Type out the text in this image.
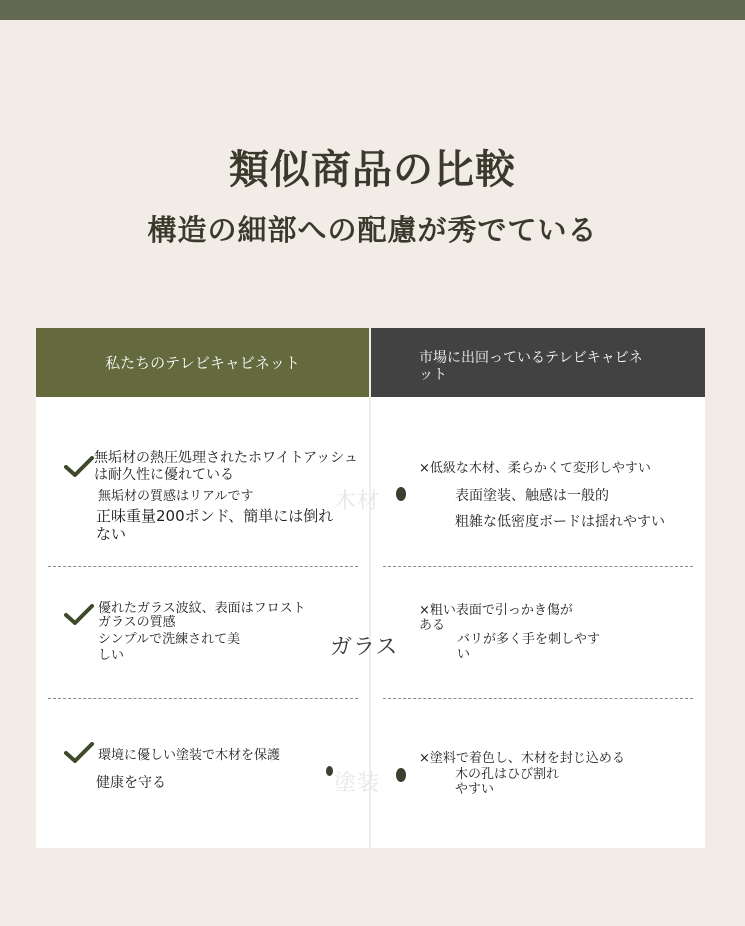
類似商品の比較
構造の細部への配慮が秀でている
私たちのテレビキャビネット
無垢材の熱圧処理されたホワイトアッシュは耐久性に優れている
無垢材の質感はリアルです
正味重量200ポンド、簡単には倒れない
優れたガラス波紋、表面はフロストガラスの質感
シンプルで洗練されて美しい
環境に優しい塗装で木材を保護
健康を守る
市場に出回っているテレビキャビネット
×低級な木材、柔らかくて変形しやすい
表面塗装、触感は一般的
粗雑な低密度ボードは揺れやすい
×粗い表面で引っかき傷がある
バリが多く手を刺しやすい
×塗料で着色し、木材を封じ込める
木の孔はひび割れやすい
木材
ガラス
塗装
